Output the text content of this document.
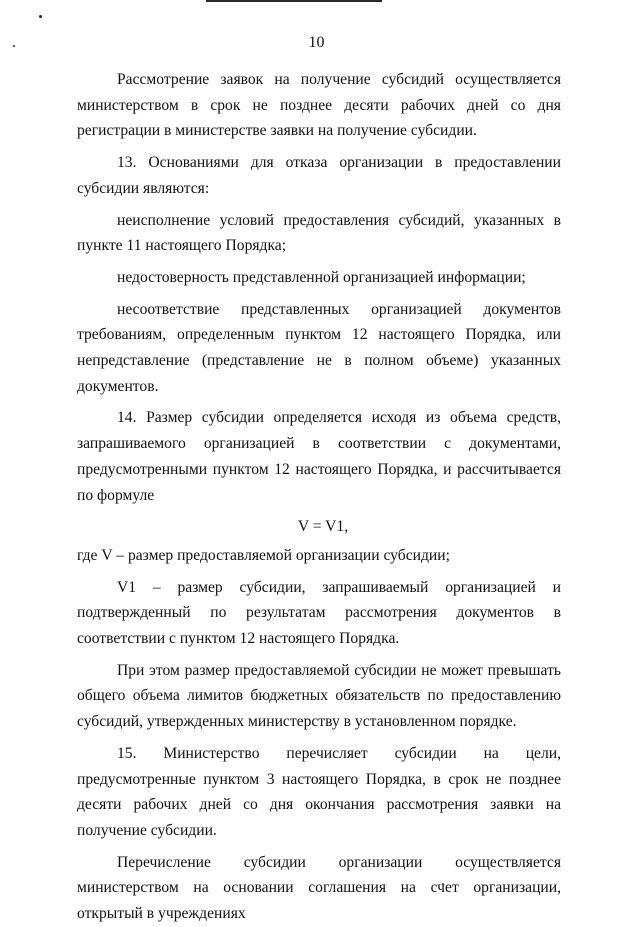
10

Рассмотрение заявок на получение субсидий осуществляется министерством в срок не позднее десяти рабочих дней со дня регистрации в министерстве заявки на получение субсидии.

13. Основаниями для отказа организации в предоставлении субсидии являются:

неисполнение условий предоставления субсидий, указанных в пункте 11 настоящего Порядка;

недостоверность представленной организацией информации;

несоответствие представленных организацией документов требованиям, определенным пунктом 12 настоящего Порядка, или непредставление (представление не в полном объеме) указанных документов.

14. Размер субсидии определяется исходя из объема средств, запрашиваемого организацией в соответствии с документами, предусмотренными пунктом 12 настоящего Порядка, и рассчитывается по формуле

V = V1,

где V – размер предоставляемой организации субсидии;

V1 – размер субсидии, запрашиваемый организацией и подтвержденный по результатам рассмотрения документов в соответствии с пунктом 12 настоящего Порядка.

При этом размер предоставляемой субсидии не может превышать общего объема лимитов бюджетных обязательств по предоставлению субсидий, утвержденных министерству в установленном порядке.

15. Министерство перечисляет субсидии на цели, предусмотренные пунктом 3 настоящего Порядка, в срок не позднее десяти рабочих дней со дня окончания рассмотрения заявки на получение субсидии.

Перечисление субсидии организации осуществляется министерством на основании соглашения на счет организации, открытый в учреждениях
